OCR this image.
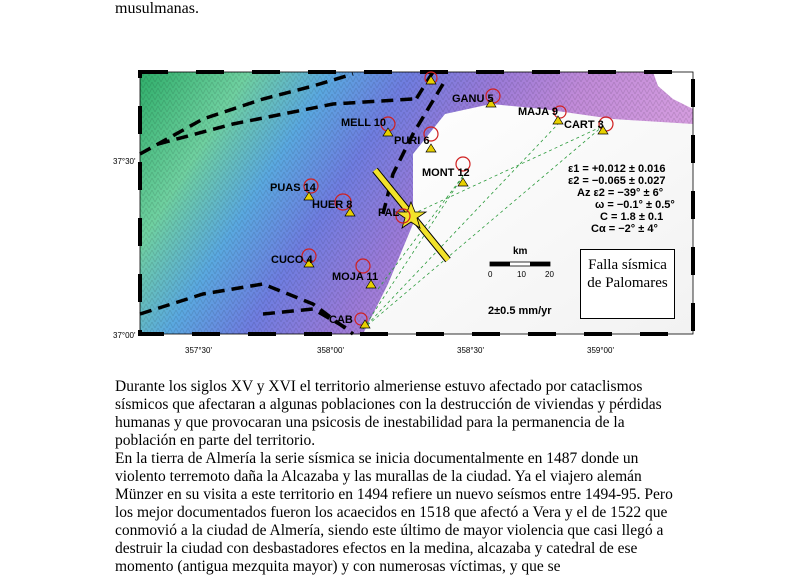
musulmanas.

GANU 5
MAJA 9
CART 3
MELL 10
PURI 6
MONT 12
PUAS 14
HUER 8
PAL
CUCO 4
MOJA 11
CAB
ε1 = +0.012 ± 0.016
ε2 = −0.065 ± 0.027
Az ε2 = −39° ± 6°
ω = −0.1° ± 0.5°
C = 1.8 ± 0.1
Cα = −2° ± 4°
km
0	10 20
2±0.5 mm/yr
37°30'
37°00'
357°30'	358°00'	358°30'	359°00'
Falla sísmica de Palomares

Durante los siglos XV y XVI el territorio almeriense estuvo afectado por cataclismos sísmicos que afectaran a algunas poblaciones con la destrucción de viviendas y pérdidas humanas y que provocaran una psicosis de inestabilidad para la permanencia de la población en parte del territorio.

En la tierra de Almería la serie sísmica se inicia documentalmente en 1487 donde un violento terremoto daña la Alcazaba y las murallas de la ciudad. Ya el viajero alemán Münzer en su visita a este territorio en 1494 refiere un nuevo seísmos entre 1494-95. Pero los mejor documentados fueron los acaecidos en 1518 que afectó a Vera y el de 1522 que conmovió a la ciudad de Almería, siendo este último de mayor violencia que casi llegó a destruir la ciudad con desbastadores efectos en la medina, alcazaba y catedral de ese momento (antigua mezquita mayor) y con numerosas víctimas, y que se
